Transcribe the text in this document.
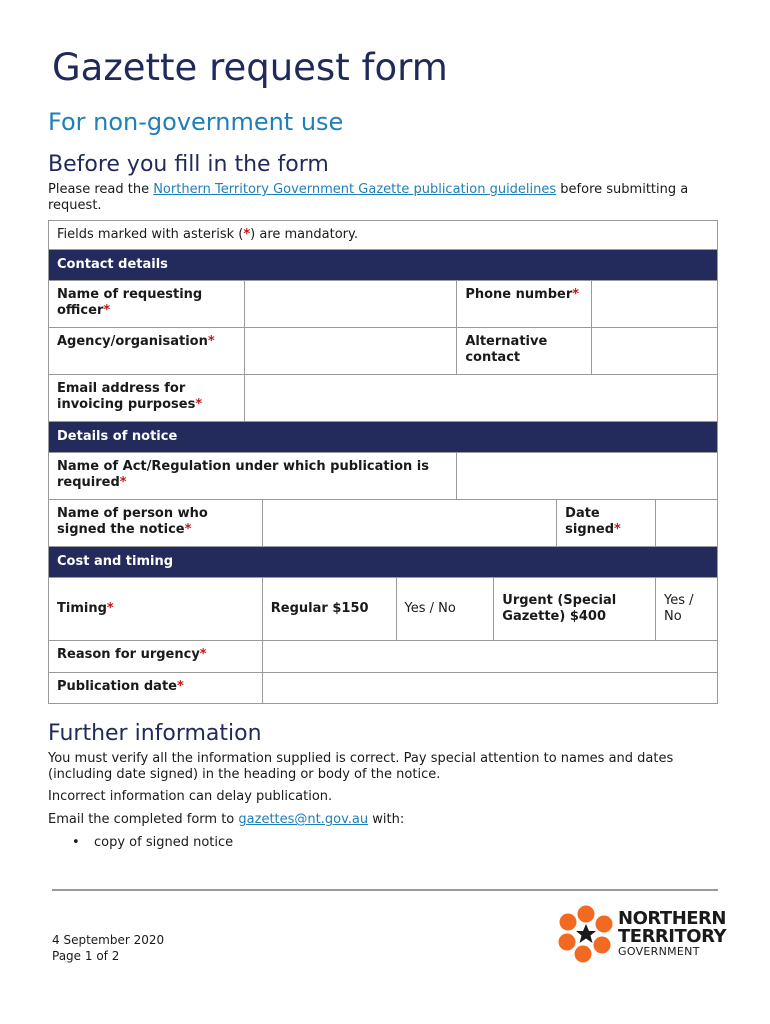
Gazette request form
For non-government use
Before you fill in the form
Please read the Northern Territory Government Gazette publication guidelines before submitting a request.
Fields marked with asterisk (*) are mandatory.								
Contact details								
Name of requesting officer*				Phone number*				
Agency/organisation*				Alternative contact				
Email address for invoicing purposes*								
Details of notice								
Name of Act/Regulation under which publication is required*								
Name of person who signed the notice*						Date signed*		
Cost and timing								
Timing*		Regular $150	Yes / No		Urgent (Special Gazette) $400			Yes / No
Reason for urgency*								
Publication date*								
Further information
You must verify all the information supplied is correct. Pay special attention to names and dates (including date signed) in the heading or body of the notice.
Incorrect information can delay publication.
Email the completed form to gazettes@nt.gov.au with:
• copy of signed notice
4 September 2020
Page 1 of 2
NORTHERN
TERRITORY
GOVERNMENT
